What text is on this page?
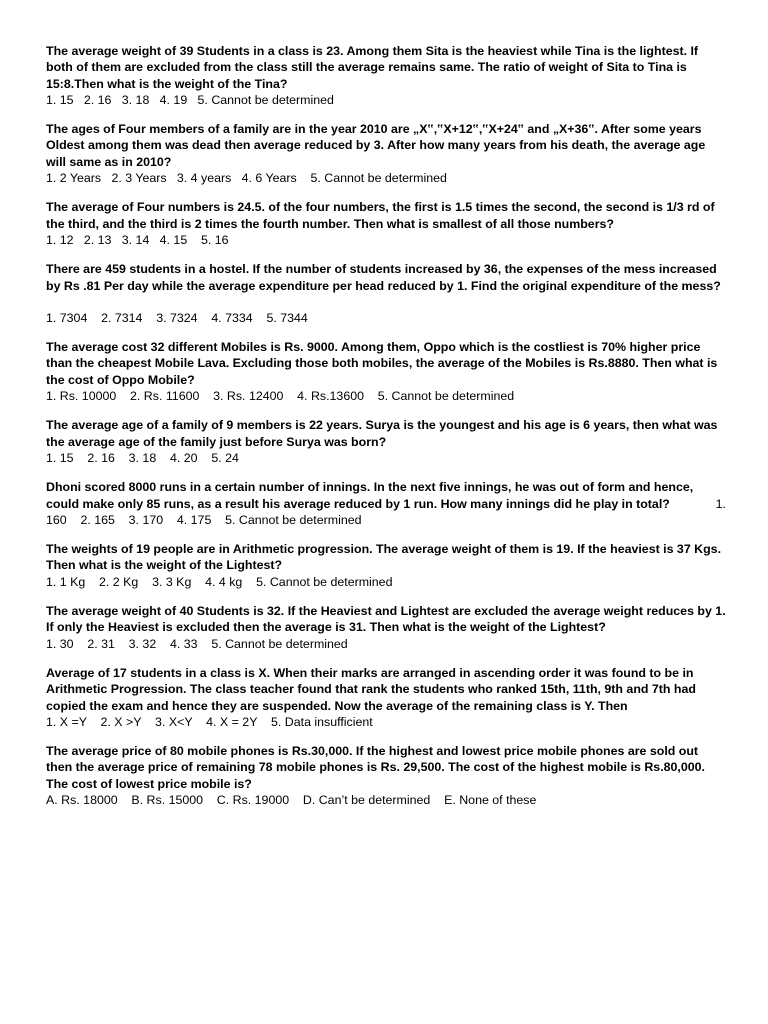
The average weight of 39 Students in a class is 23. Among them Sita is the heaviest while Tina is the lightest. If both of them are excluded from the class still the average remains same. The ratio of weight of Sita to Tina is 15:8.Then what is the weight of the Tina?

1. 15   2. 16   3. 18   4. 19   5. Cannot be determined

The ages of Four members of a family are in the year 2010 are „X‟,‟X+12‟,‟X+24‟ and „X+36‟. After some years Oldest among them was dead then average reduced by 3. After how many years from his death, the average age will same as in 2010?

1. 2 Years   2. 3 Years   3. 4 years   4. 6 Years    5. Cannot be determined

The average of Four numbers is 24.5. of the four numbers, the first is 1.5 times the second, the second is 1/3 rd of the third, and the third is 2 times the fourth number. Then what is smallest of all those numbers?

1. 12   2. 13   3. 14   4. 15    5. 16

There are 459 students in a hostel. If the number of students increased by 36, the expenses of the mess increased by Rs .81 Per day while the average expenditure per head reduced by 1. Find the original expenditure of the mess?

1. 7304    2. 7314    3. 7324    4. 7334    5. 7344

The average cost 32 different Mobiles is Rs. 9000. Among them, Oppo which is the costliest is 70% higher price than the cheapest Mobile Lava. Excluding those both mobiles, the average of the Mobiles is Rs.8880. Then what is the cost of Oppo Mobile?

1. Rs. 10000    2. Rs. 11600    3. Rs. 12400    4. Rs.13600    5. Cannot be determined

The average age of a family of 9 members is 22 years. Surya is the youngest and his age is 6 years, then what was the average age of the family just before Surya was born?

1. 15    2. 16    3. 18    4. 20    5. 24

Dhoni scored 8000 runs in a certain number of innings. In the next five innings, he was out of form and hence, could make only 85 runs, as a result his average reduced by 1 run. How many innings did he play in total?	1.

160    2. 165    3. 170    4. 175    5. Cannot be determined

The weights of 19 people are in Arithmetic progression. The average weight of them is 19. If the heaviest is 37 Kgs. Then what is the weight of the Lightest?

1. 1 Kg    2. 2 Kg    3. 3 Kg    4. 4 kg    5. Cannot be determined

The average weight of 40 Students is 32. If the Heaviest and Lightest are excluded the average weight reduces by 1. If only the Heaviest is excluded then the average is 31. Then what is the weight of the Lightest?

1. 30    2. 31    3. 32    4. 33    5. Cannot be determined

Average of 17 students in a class is X. When their marks are arranged in ascending order it was found to be in Arithmetic Progression. The class teacher found that rank the students who ranked 15th, 11th, 9th and 7th had copied the exam and hence they are suspended. Now the average of the remaining class is Y. Then

1. X =Y    2. X >Y    3. X<Y    4. X = 2Y    5. Data insufficient

The average price of 80 mobile phones is Rs.30,000. If the highest and lowest price mobile phones are sold out then the average price of remaining 78 mobile phones is Rs. 29,500. The cost of the highest mobile is Rs.80,000. The cost of lowest price mobile is?

A. Rs. 18000    B. Rs. 15000    C. Rs. 19000    D. Can’t be determined    E. None of these
